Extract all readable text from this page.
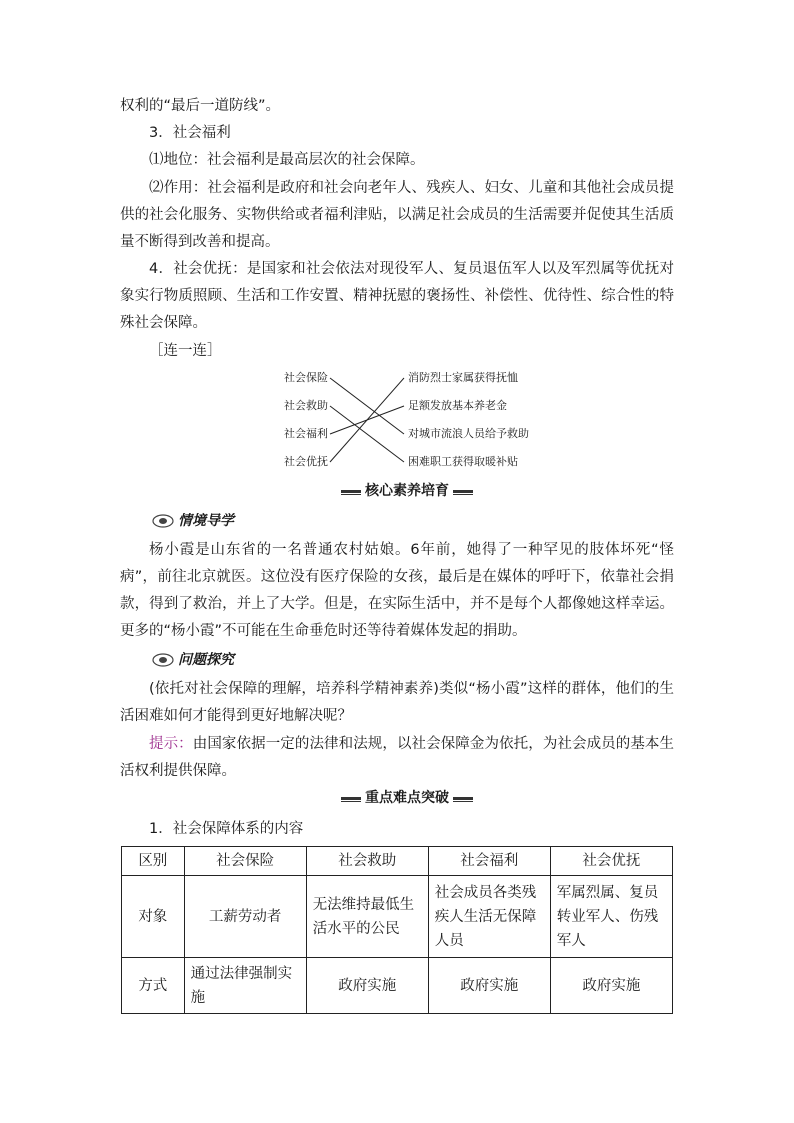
权利的“最后一道防线”。
3．社会福利
⑴地位：社会福利是最高层次的社会保障。
⑵作用：社会福利是政府和社会向老年人、残疾人、妇女、儿童和其他社会成员提供的社会化服务、实物供给或者福利津贴，以满足社会成员的生活需要并促使其生活质量不断得到改善和提高。
4．社会优抚：是国家和社会依法对现役军人、复员退伍军人以及军烈属等优抚对象实行物质照顾、生活和工作安置、精神抚慰的褒扬性、补偿性、优待性、综合性的特殊社会保障。
［连一连］
社会保险
社会救助
社会福利
社会优抚
消防烈士家属获得抚恤
足额发放基本养老金
对城市流浪人员给予救助
困难职工获得取暖补贴
核心素养培育
情境导学
杨小霞是山东省的一名普通农村姑娘。6年前，她得了一种罕见的肢体坏死“怪病”，前往北京就医。这位没有医疗保险的女孩，最后是在媒体的呼吁下，依靠社会捐款，得到了救治，并上了大学。但是，在实际生活中，并不是每个人都像她这样幸运。更多的“杨小霞”不可能在生命垂危时还等待着媒体发起的捐助。
问题探究
(依托对社会保障的理解，培养科学精神素养)类似“杨小霞”这样的群体，他们的生活困难如何才能得到更好地解决呢？
提示：由国家依据一定的法律和法规，以社会保障金为依托，为社会成员的基本生活权利提供保障。
重点难点突破
1．社会保障体系的内容
区别	社会保险	社会救助	社会福利	社会优抚
对象	工薪劳动者	无法维持最低生活水平的公民	社会成员各类残疾人生活无保障人员	军属烈属、复员转业军人、伤残军人
方式	通过法律强制实施	政府实施	政府实施	政府实施
